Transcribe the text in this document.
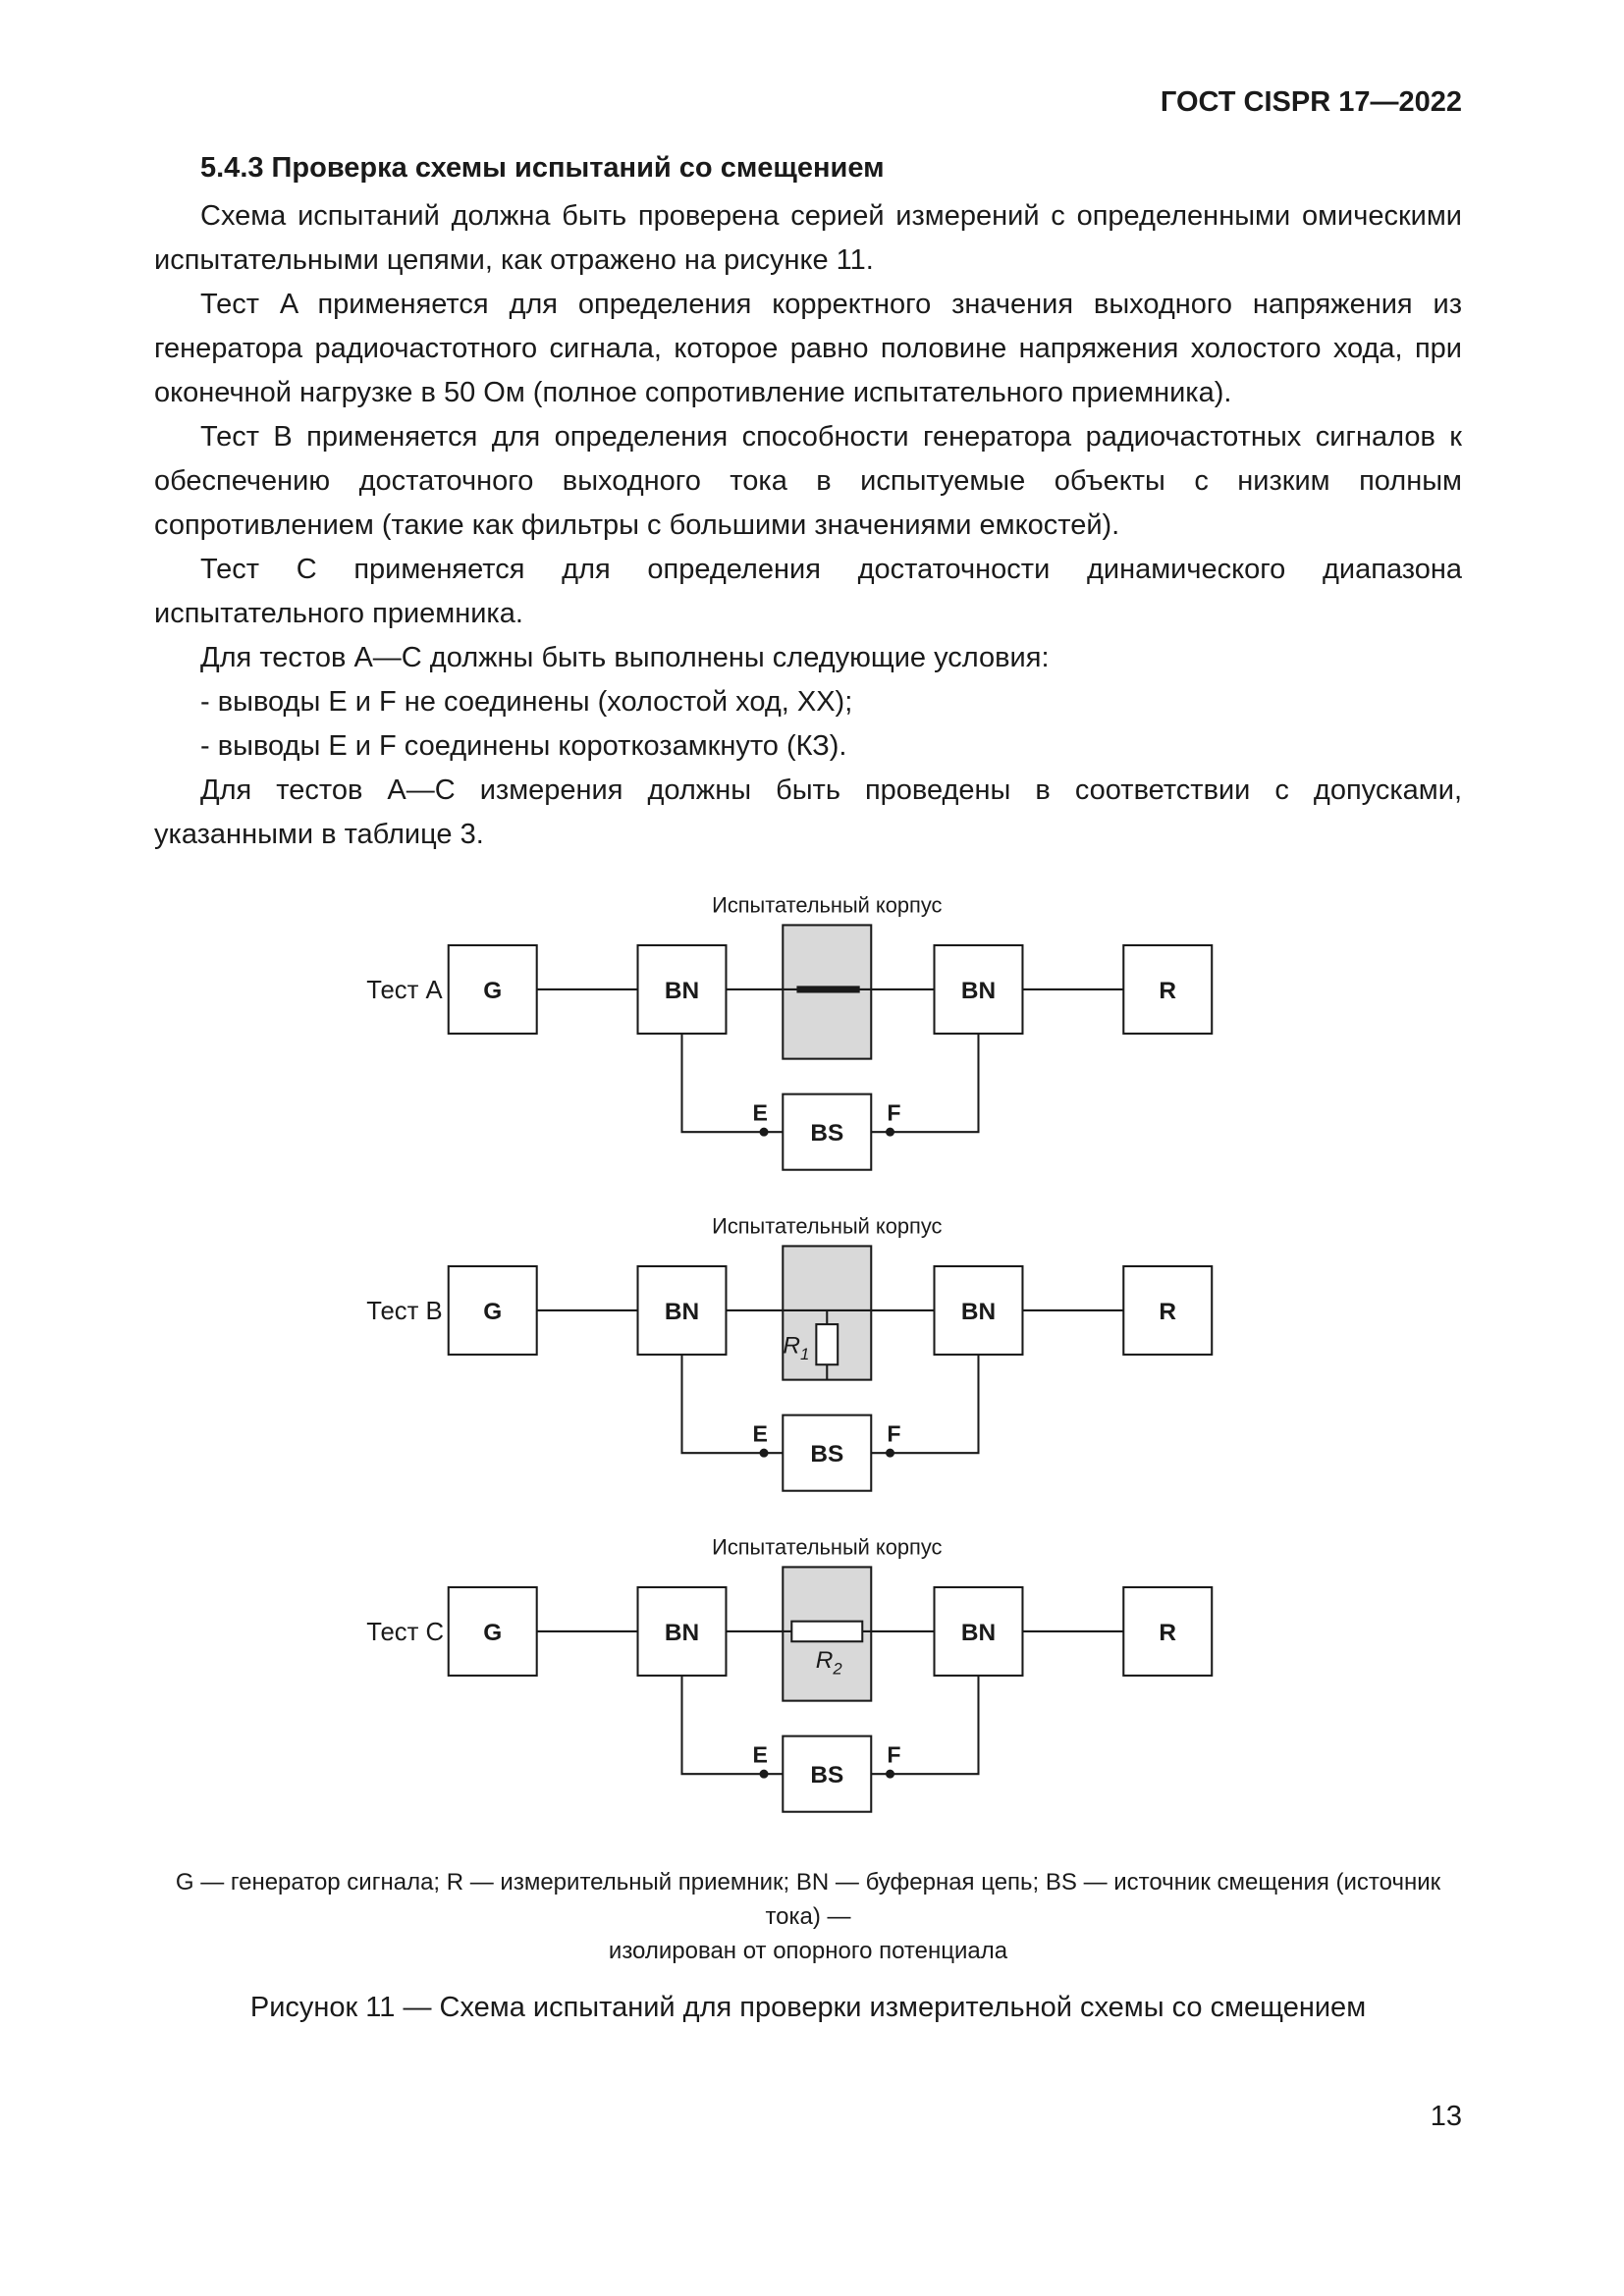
ГОСТ CISPR 17—2022
5.4.3 Проверка схемы испытаний со смещением

Схема испытаний должна быть проверена серией измерений с определенными омическими испытательными цепями, как отражено на рисунке 11.

Тест A применяется для определения корректного значения выходного напряжения из генератора радиочастотного сигнала, которое равно половине напряжения холостого хода, при оконечной нагрузке в 50 Ом (полное сопротивление испытательного приемника).

Тест B применяется для определения способности генератора радиочастотных сигналов к обеспечению достаточного выходного тока в испытуемые объекты с низким полным сопротивлением (такие как фильтры с большими значениями емкостей).

Тест C применяется для определения достаточности динамического диапазона испытательного приемника.

Для тестов A—C должны быть выполнены следующие условия:

- выводы E и F не соединены (холостой ход, ХХ);

- выводы E и F соединены короткозамкнуто (КЗ).

Для тестов A—C измерения должны быть проведены в соответствии с допусками, указанными в таблице 3.

Испытательный корпус
Тест A G	BN	BN	R
BS
E	F
Испытательный корпус
$R_1$
Тест B G	BN	BN	R
BS
E	F
Испытательный корпус
$R_2$
Тест C G	BN	BN	R
BS
E	F
G — генератор сигнала; R — измерительный приемник; BN — буферная цепь; BS — источник смещения (источник тока) —
изолирован от опорного потенциала
Рисунок 11 — Схема испытаний для проверки измерительной схемы со смещением
13
